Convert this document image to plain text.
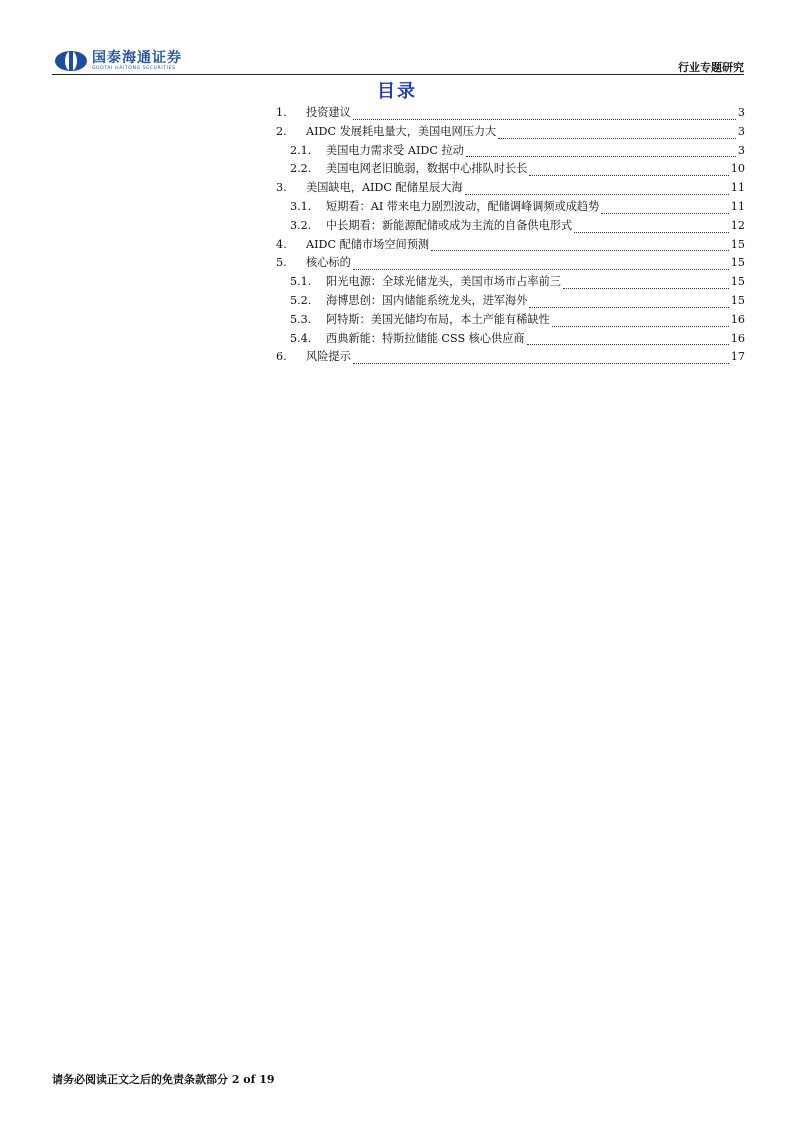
国泰海通证券
GUOTAI HAITONG SECURITIES	行业专题研究
目录
1.	投资建议	3
2.	AIDC 发展耗电量大，美国电网压力大	3
2.1.	美国电力需求受 AIDC 拉动	3
2.2.	美国电网老旧脆弱，数据中心排队时长长	10
3.	美国缺电，AIDC 配储星辰大海	11
3.1.	短期看：AI 带来电力剧烈波动，配储调峰调频或成趋势	11
3.2.	中长期看：新能源配储或成为主流的自备供电形式	12
4.	AIDC 配储市场空间预测	15
5.	核心标的	15
5.1.	阳光电源：全球光储龙头，美国市场市占率前三	15
5.2.	海博思创：国内储能系统龙头，进军海外	15
5.3.	阿特斯：美国光储均布局，本土产能有稀缺性	16
5.4.	西典新能：特斯拉储能 CSS 核心供应商	16
6.	风险提示	17
请务必阅读正文之后的免责条款部分 2 of 19
